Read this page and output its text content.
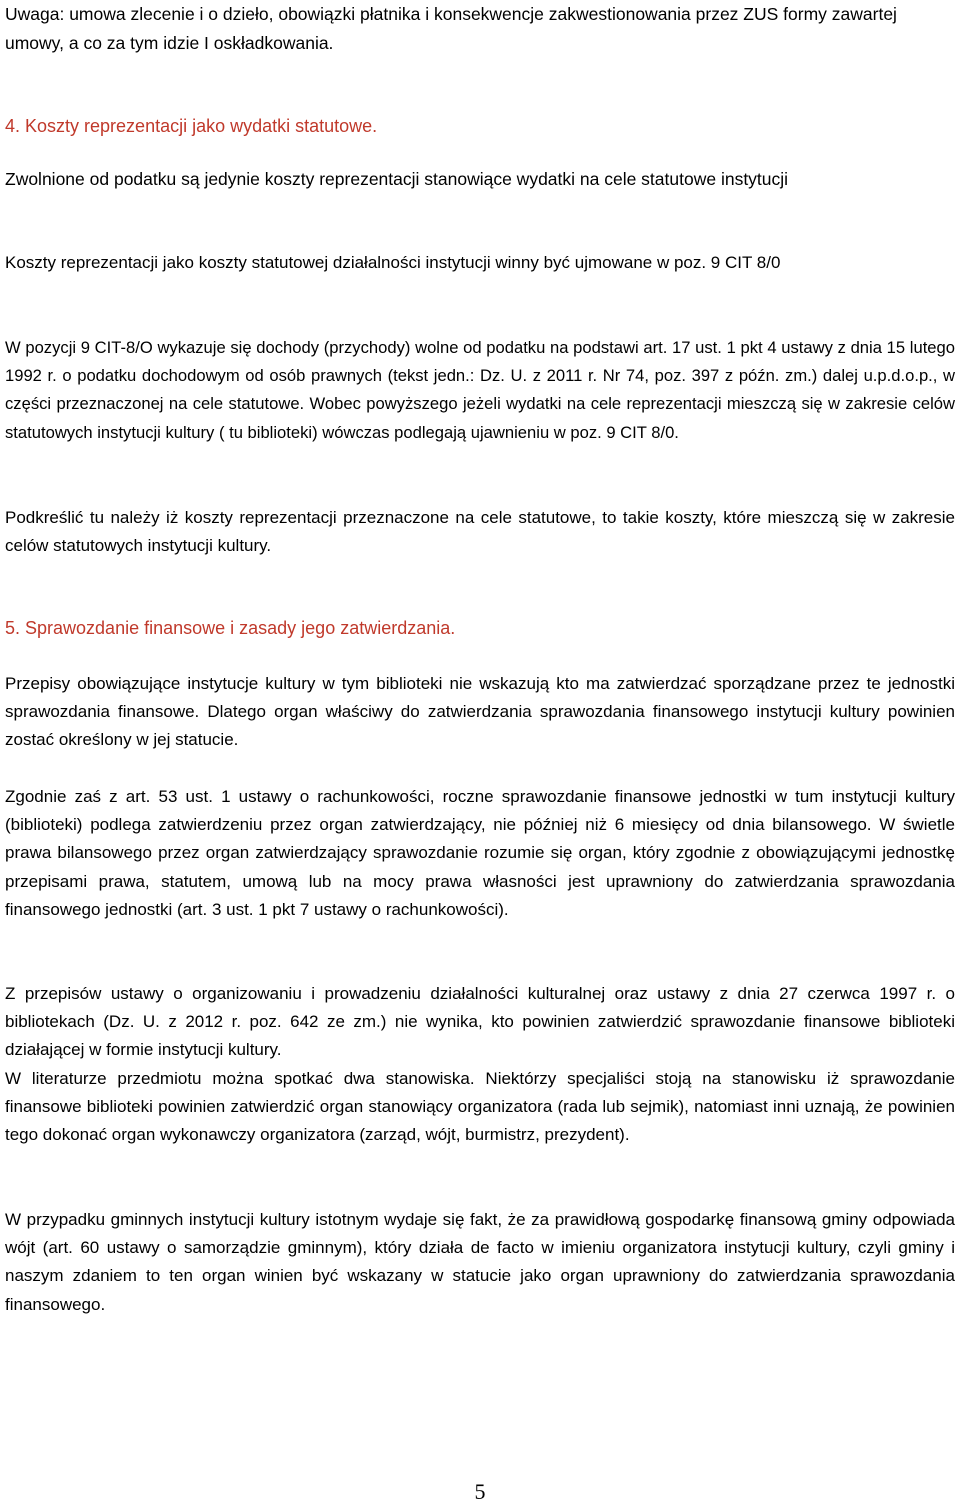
Uwaga: umowa zlecenie i o dzieło, obowiązki płatnika i konsekwencje zakwestionowania przez ZUS formy zawartej umowy, a co za tym idzie I oskładkowania.

4. Koszty reprezentacji jako wydatki statutowe.

Zwolnione od podatku są jedynie koszty reprezentacji stanowiące wydatki na cele statutowe instytucji

Koszty reprezentacji jako koszty statutowej działalności instytucji winny być ujmowane w poz. 9 CIT 8/0

W pozycji 9 CIT-8/O wykazuje się dochody (przychody) wolne od podatku na podstawi art. 17 ust. 1 pkt 4 ustawy z dnia 15 lutego 1992 r. o podatku dochodowym od osób prawnych (tekst jedn.: Dz. U. z 2011 r. Nr 74, poz. 397 z późn. zm.) dalej u.p.d.o.p., w części przeznaczonej na cele statutowe. Wobec powyższego jeżeli wydatki na cele reprezentacji mieszczą się w zakresie celów statutowych instytucji kultury ( tu biblioteki) wówczas podlegają ujawnieniu w poz. 9 CIT 8/0.

Podkreślić tu należy iż koszty reprezentacji przeznaczone na cele statutowe, to takie koszty, które mieszczą się w zakresie celów statutowych instytucji kultury.

5. Sprawozdanie finansowe i zasady jego zatwierdzania.

Przepisy obowiązujące instytucje kultury w tym biblioteki nie wskazują kto ma zatwierdzać sporządzane przez te jednostki sprawozdania finansowe. Dlatego organ właściwy do zatwierdzania sprawozdania finansowego instytucji kultury powinien zostać określony w jej statucie.

Zgodnie zaś z art. 53 ust. 1 ustawy o rachunkowości, roczne sprawozdanie finansowe jednostki w tum instytucji kultury (biblioteki) podlega zatwierdzeniu przez organ zatwierdzający, nie później niż 6 miesięcy od dnia bilansowego. W świetle prawa bilansowego przez organ zatwierdzający sprawozdanie rozumie się organ, który zgodnie z obowiązującymi jednostkę przepisami prawa, statutem, umową lub na mocy prawa własności jest uprawniony do zatwierdzania sprawozdania finansowego jednostki (art. 3 ust. 1 pkt 7 ustawy o rachunkowości).

Z przepisów ustawy o organizowaniu i prowadzeniu działalności kulturalnej oraz ustawy z dnia 27 czerwca 1997 r. o bibliotekach (Dz. U. z 2012 r. poz. 642 ze zm.) nie wynika, kto powinien zatwierdzić sprawozdanie finansowe biblioteki działającej w formie instytucji kultury.

W literaturze przedmiotu można spotkać dwa stanowiska. Niektórzy specjaliści stoją na stanowisku iż sprawozdanie finansowe biblioteki powinien zatwierdzić organ stanowiący organizatora (rada lub sejmik), natomiast inni uznają, że powinien tego dokonać organ wykonawczy organizatora (zarząd, wójt, burmistrz, prezydent).

W przypadku gminnych instytucji kultury istotnym wydaje się fakt, że za prawidłową gospodarkę finansową gminy odpowiada wójt (art. 60 ustawy o samorządzie gminnym), który działa de facto w imieniu organizatora instytucji kultury, czyli gminy i naszym zdaniem to ten organ winien być wskazany w statucie jako organ uprawniony do zatwierdzania sprawozdania finansowego.

5
